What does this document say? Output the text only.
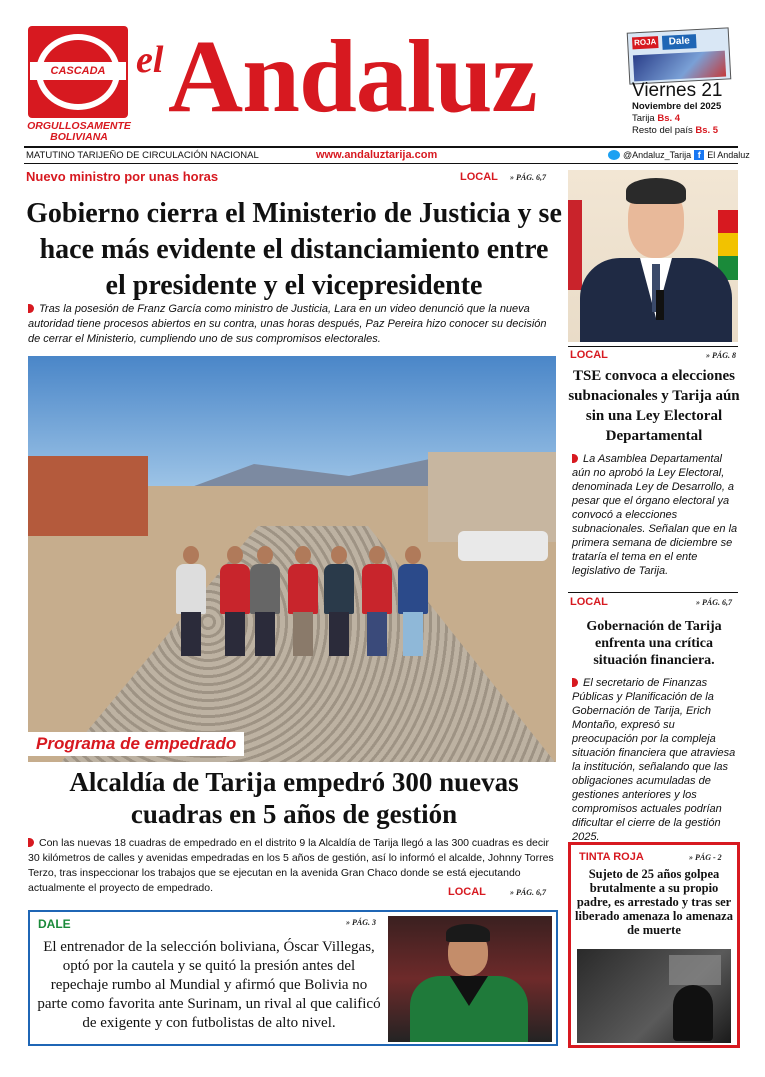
CASCADA
ORGULLOSAMENTE BOLIVIANA
el Andaluz	ROJA	Dale
Viernes 21
Noviembre del 2025
Tarija Bs. 4
Resto del país Bs. 5
MATUTINO TARIJEÑO DE CIRCULACIÓN NACIONAL	www.andaluztarija.com	@Andaluz_Tarija f El Andaluz
Nuevo ministro por unas horas	LOCAL » PÁG. 6,7
Gobierno cierra el Ministerio de Justicia y se hace más evidente el distanciamiento entre el presidente y el vicepresidente
Tras la posesión de Franz García como ministro de Justicia, Lara en un video denunció que la nueva autoridad tiene procesos abiertos en su contra, unas horas después, Paz Pereira hizo conocer su decisión de cerrar el Ministerio, cumpliendo uno de sus compromisos electorales.
Programa de empedrado
Alcaldía de Tarija empedró 300 nuevas cuadras en 5 años de gestión
Con las nuevas 18 cuadras de empedrado en el distrito 9 la Alcaldía de Tarija llegó a las 300 cuadras es decir 30 kilómetros de calles y avenidas empedradas en los 5 años de gestión, así lo informó el alcalde, Johnny Torres Terzo, tras inspeccionar los trabajos que se ejecutan en la avenida Gran Chaco donde se está ejecutando actualmente el proyecto de empedrado.	LOCAL	» PÁG. 6,7
DALE	» PÁG. 3
El entrenador de la selección boliviana, Óscar Villegas, optó por la cautela y se quitó la presión antes del repechaje rumbo al Mundial y afirmó que Bolivia no parte como favorita ante Surinam, un rival al que calificó de exigente y con futbolistas de alto nivel.
LOCAL	» PÁG. 8
TSE convoca a elecciones subnacionales y Tarija aún sin una Ley Electoral Departamental
La Asamblea Departamental aún no aprobó la Ley Electoral, denominada Ley de Desarrollo, a pesar que el órgano electoral ya convocó a elecciones subnacionales. Señalan que en la primera semana de diciembre se trataría el tema en el ente legislativo de Tarija.
LOCAL	» PÁG. 6,7
Gobernación de Tarija enfrenta una crítica situación financiera.
El secretario de Finanzas Públicas y Planificación de la Gobernación de Tarija, Erich Montaño, expresó su preocupación por la compleja situación financiera que atraviesa la institución, señalando que las obligaciones acumuladas de gestiones anteriores y los compromisos actuales podrían dificultar el cierre de la gestión 2025.
TINTA ROJA	» PÁG - 2
Sujeto de 25 años golpea brutalmente a su propio padre, es arrestado y tras ser liberado amenaza lo amenaza de muerte
